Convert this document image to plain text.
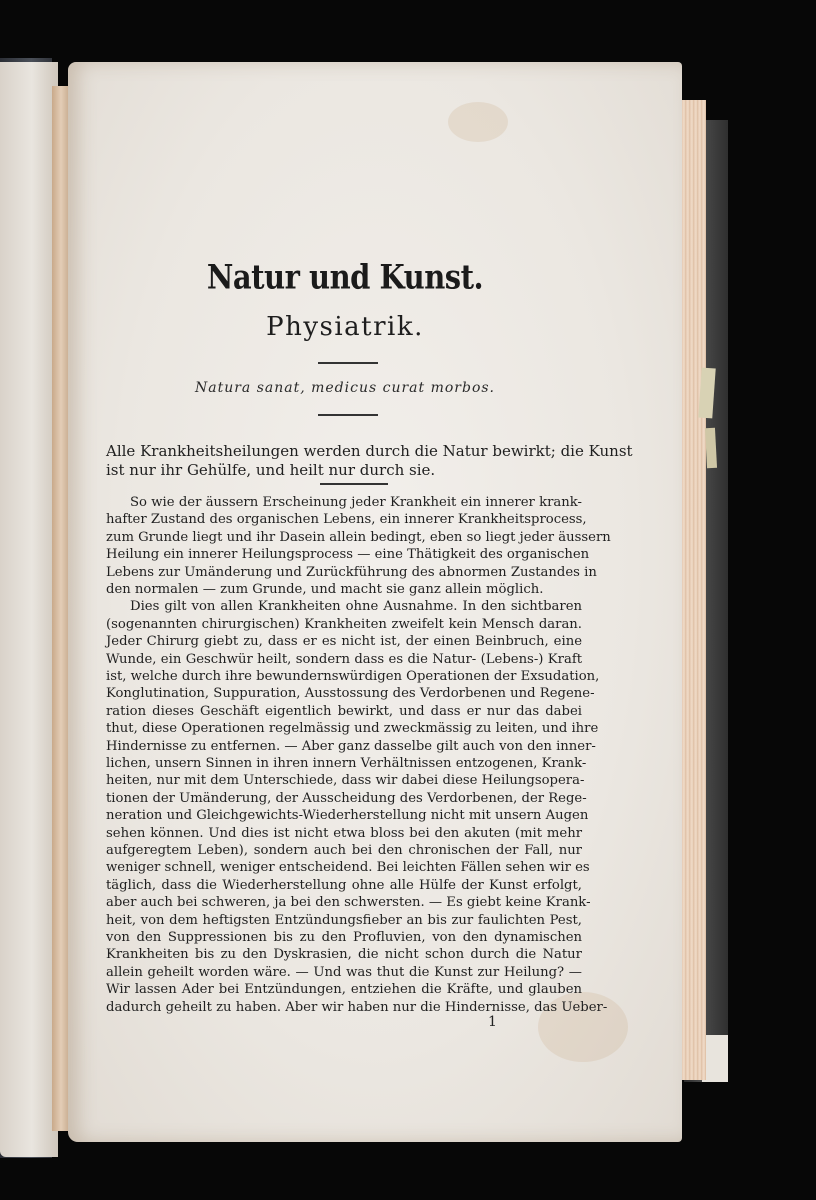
Natur und Kunst.
Physiatrik.
Natura sanat, medicus curat morbos.
Alle Krankheitsheilungen werden durch die Natur bewirkt; die Kunst
ist nur ihr Gehülfe, und heilt nur durch sie.
So wie der äussern Erscheinung jeder Krankheit ein innerer krank-
hafter Zustand des organischen Lebens, ein innerer Krankheitsprocess,
zum Grunde liegt und ihr Dasein allein bedingt, eben so liegt jeder äussern
Heilung ein innerer Heilungsprocess — eine Thätigkeit des organischen
Lebens zur Umänderung und Zurückführung des abnormen Zustandes in
den normalen — zum Grunde, und macht sie ganz allein möglich.
Dies gilt von allen Krankheiten ohne Ausnahme. In den sichtbaren
(sogenannten chirurgischen) Krankheiten zweifelt kein Mensch daran.
Jeder Chirurg giebt zu, dass er es nicht ist, der einen Beinbruch, eine
Wunde, ein Geschwür heilt, sondern dass es die Natur- (Lebens-) Kraft
ist, welche durch ihre bewundernswürdigen Operationen der Exsudation,
Konglutination, Suppuration, Ausstossung des Verdorbenen und Regene-
ration dieses Geschäft eigentlich bewirkt, und dass er nur das dabei
thut, diese Operationen regelmässig und zweckmässig zu leiten, und ihre
Hindernisse zu entfernen. — Aber ganz dasselbe gilt auch von den inner-
lichen, unsern Sinnen in ihren innern Verhältnissen entzogenen, Krank-
heiten, nur mit dem Unterschiede, dass wir dabei diese Heilungsopera-
tionen der Umänderung, der Ausscheidung des Verdorbenen, der Rege-
neration und Gleichgewichts-Wiederherstellung nicht mit unsern Augen
sehen können. Und dies ist nicht etwa bloss bei den akuten (mit mehr
aufgeregtem Leben), sondern auch bei den chronischen der Fall, nur
weniger schnell, weniger entscheidend. Bei leichten Fällen sehen wir es
täglich, dass die Wiederherstellung ohne alle Hülfe der Kunst erfolgt,
aber auch bei schweren, ja bei den schwersten. — Es giebt keine Krank-
heit, von dem heftigsten Entzündungsfieber an bis zur faulichten Pest,
von den Suppressionen bis zu den Profluvien, von den dynamischen
Krankheiten bis zu den Dyskrasien, die nicht schon durch die Natur
allein geheilt worden wäre. — Und was thut die Kunst zur Heilung? —
Wir lassen Ader bei Entzündungen, entziehen die Kräfte, und glauben
dadurch geheilt zu haben. Aber wir haben nur die Hindernisse, das Ueber-
1
